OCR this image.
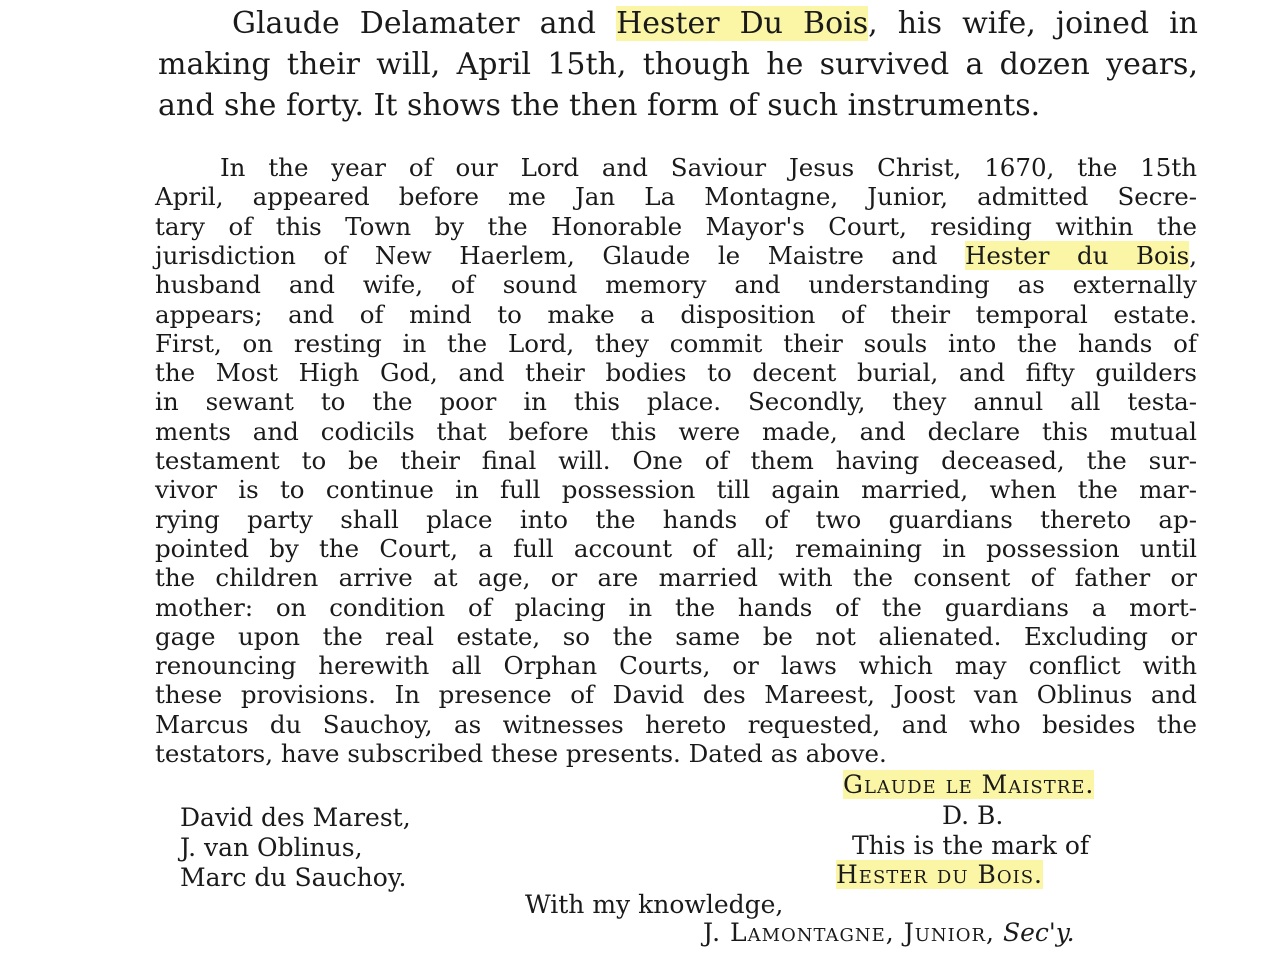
Glaude Delamater and Hester Du Bois, his wife, joined in
making their will, April 15th, though he survived a dozen years,
and she forty. It shows the then form of such instruments.
In the year of our Lord and Saviour Jesus Christ, 1670, the 15th
April, appeared before me Jan La Montagne, Junior, admitted Secre-
tary of this Town by the Honorable Mayor's Court, residing within the
jurisdiction of New Haerlem, Glaude le Maistre and Hester du Bois,
husband and wife, of sound memory and understanding as externally
appears; and of mind to make a disposition of their temporal estate.
First, on resting in the Lord, they commit their souls into the hands of
the Most High God, and their bodies to decent burial, and fifty guilders
in sewant to the poor in this place. Secondly, they annul all testa-
ments and codicils that before this were made, and declare this mutual
testament to be their final will. One of them having deceased, the sur-
vivor is to continue in full possession till again married, when the mar-
rying party shall place into the hands of two guardians thereto ap-
pointed by the Court, a full account of all; remaining in possession until
the children arrive at age, or are married with the consent of father or
mother: on condition of placing in the hands of the guardians a mort-
gage upon the real estate, so the same be not alienated. Excluding or
renouncing herewith all Orphan Courts, or laws which may conflict with
these provisions. In presence of David des Mareest, Joost van Oblinus and
Marcus du Sauchoy, as witnesses hereto requested, and who besides the
testators, have subscribed these presents. Dated as above.
Glaude le Maistre.
D. B.
This is the mark of
Hester du Bois.
David des Marest,
J. van Oblinus,
Marc du Sauchoy.
With my knowledge,
J. Lamontagne, Junior, Sec'y.
